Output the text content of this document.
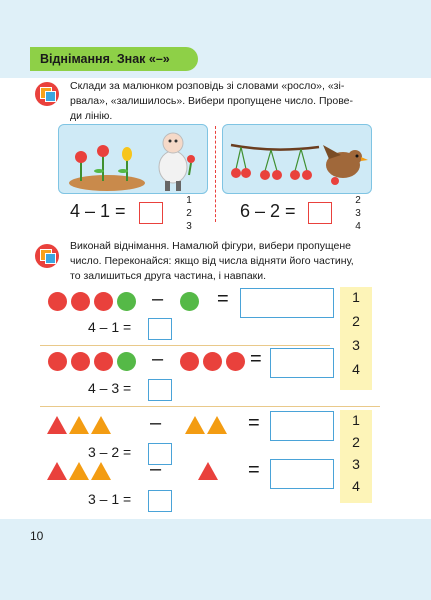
Віднімання. Знак «–»
Склади за малюнком розповідь зі словами «росло», «зі-
рвала», «залишилось». Вибери пропущене число. Прове-
ди лінію.
4 – 1 =
1
2
3
6 – 2 =
2
3
4
Виконай віднімання. Намалюй фігури, вибери пропущене
число. Переконайся: якщо від числа відняти його частину,
то залишиться друга частина, і навпаки.
1
2
3
4
–	=
4 – 1 =
–	=
4 – 3 =
1
2
3
4
–	=
3 – 2 =
–	=
3 – 1 =
10
